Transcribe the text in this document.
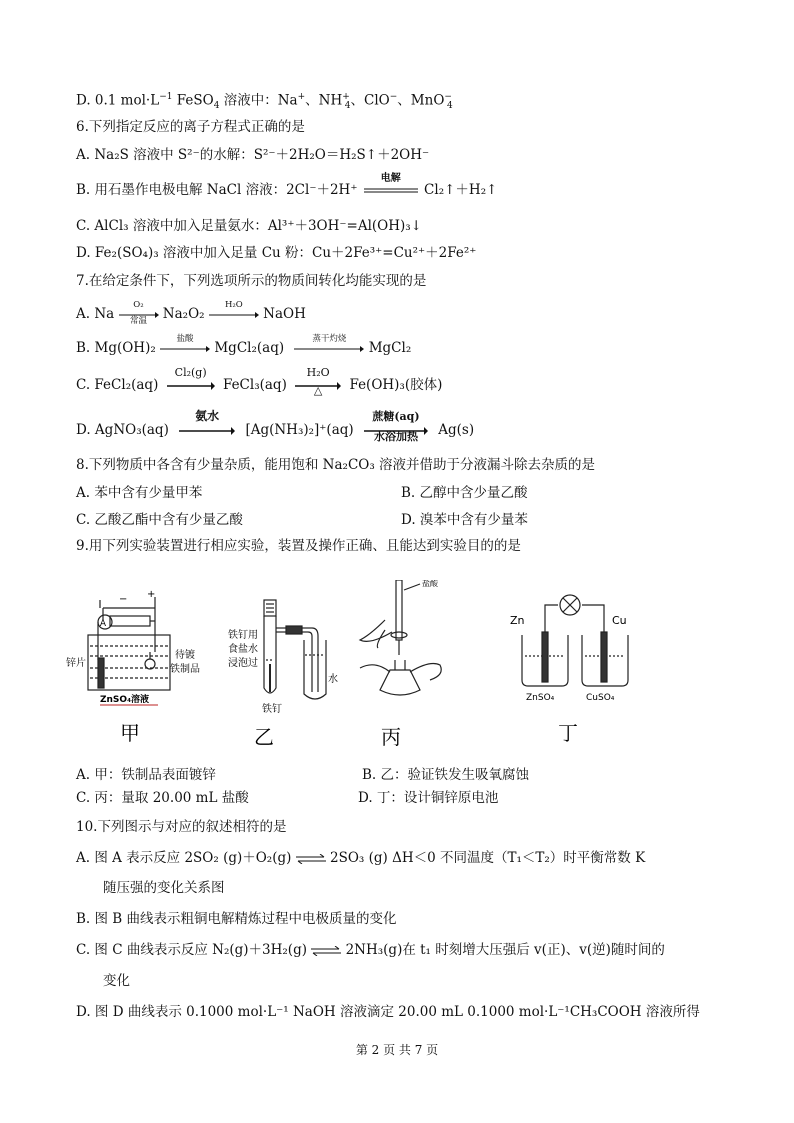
D. 0.1 $mol\cdot L^{-1}$ FeSO$_4$ 溶液中：Na+、$NH^+_4$、ClO−、MnO−$_4$
6.下列指定反应的离子方程式正确的是
A. Na₂S 溶液中 S²⁻的水解：S²⁻＋2H₂O＝H₂S↑＋2OH⁻
B. 用石墨作电极电解 NaCl 溶液：2Cl⁻＋2H⁺
电解
Cl₂↑＋H₂↑
C. AlCl₃ 溶液中加入足量氨水：Al³⁺＋3OH⁻=Al(OH)₃↓
D. Fe₂(SO₄)₃ 溶液中加入足量 Cu 粉：Cu＋2Fe³⁺=Cu²⁺＋2Fe²⁺
7.在给定条件下，下列选项所示的物质间转化均能实现的是
A. Na
O₂
常温	Na₂O₂
H₂O
NaOH
B. Mg(OH)₂
盐酸
MgCl₂(aq)
蒸干灼烧
MgCl₂
C. FeCl₂(aq)
Cl₂(g)
FeCl₃(aq)
H₂O
△	Fe(OH)₃(胶体)
D. AgNO₃(aq)
氨水
[Ag(NH₃)₂]⁺(aq)
蔗糖(aq)
水浴加热	Ag(s)
8.下列物质中各含有少量杂质，能用饱和 Na₂CO₃ 溶液并借助于分液漏斗除去杂质的是
A. 苯中含有少量甲苯	B. 乙醇中含少量乙酸
C. 乙酸乙酯中含有少量乙酸	D. 溴苯中含有少量苯
9.用下列实验装置进行相应实验，装置及操作正确、且能达到实验目的的是
A
− +
锌片
待镀
铁制品
ZnSO₄溶液
甲
铁钉用
食盐水
浸泡过
铁钉
水
乙
盐酸
丙
Zn	Cu
ZnSO₄	CuSO₄
丁
A. 甲：铁制品表面镀锌	B. 乙：验证铁发生吸氧腐蚀
C. 丙：量取 20.00 mL 盐酸	D. 丁：设计铜锌原电池
10.下列图示与对应的叙述相符的是
A. 图 A 表示反应 2SO₂ (g)＋O₂(g) ⇌ 2SO₃ (g) ΔH＜0 不同温度（T₁＜T₂）时平衡常数 K
随压强的变化关系图
B. 图 B 曲线表示粗铜电解精炼过程中电极质量的变化
C. 图 C 曲线表示反应 N₂(g)＋3H₂(g) ⇌ 2NH₃(g)在 t₁ 时刻增大压强后 v(正)、v(逆)随时间的
变化
D. 图 D 曲线表示 0.1000 mol·L⁻¹ NaOH 溶液滴定 20.00 mL 0.1000 mol·L⁻¹CH₃COOH 溶液所得
第 2 页 共 7 页
